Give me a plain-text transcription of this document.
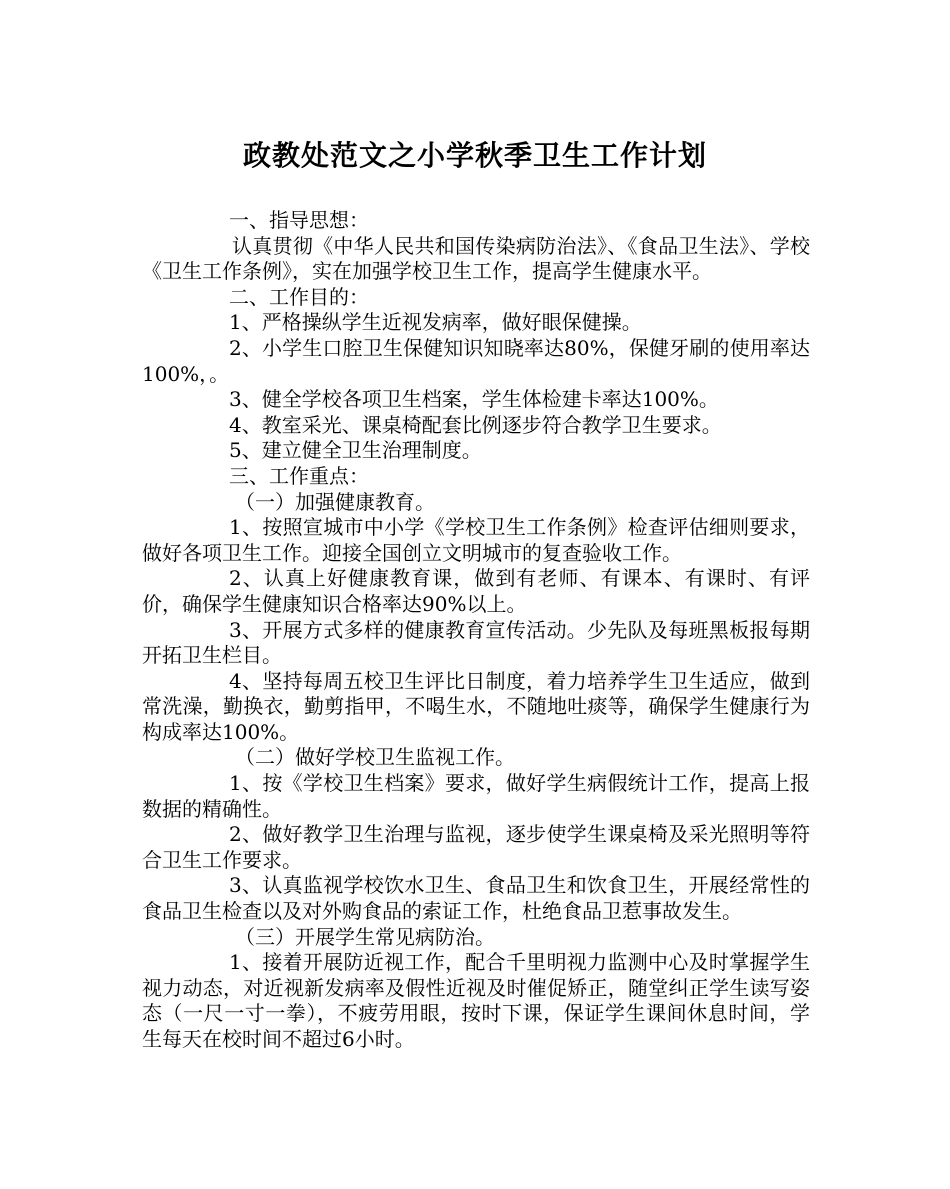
政教处范文之小学秋季卫生工作计划

一、指导思想：

认真贯彻《中华人民共和国传染病防治法》、《食品卫生法》、学校《卫生工作条例》，实在加强学校卫生工作，提高学生健康水平。

二、工作目的：

1、严格操纵学生近视发病率，做好眼保健操。

2、小学生口腔卫生保健知识知晓率达80%，保健牙刷的使用率达100%，。

3、健全学校各项卫生档案，学生体检建卡率达100%。

4、教室采光、课桌椅配套比例逐步符合教学卫生要求。

5、建立健全卫生治理制度。

三、工作重点：

（一）加强健康教育。

1、按照宣城市中小学《学校卫生工作条例》检查评估细则要求，做好各项卫生工作。迎接全国创立文明城市的复查验收工作。

2、认真上好健康教育课，做到有老师、有课本、有课时、有评价，确保学生健康知识合格率达90%以上。

3、开展方式多样的健康教育宣传活动。少先队及每班黑板报每期开拓卫生栏目。

4、坚持每周五校卫生评比日制度，着力培养学生卫生适应，做到常洗澡，勤换衣，勤剪指甲，不喝生水，不随地吐痰等，确保学生健康行为构成率达100%。

（二）做好学校卫生监视工作。

1、按《学校卫生档案》要求，做好学生病假统计工作，提高上报数据的精确性。

2、做好教学卫生治理与监视，逐步使学生课桌椅及采光照明等符合卫生工作要求。

3、认真监视学校饮水卫生、食品卫生和饮食卫生，开展经常性的食品卫生检查以及对外购食品的索证工作，杜绝食品卫惹事故发生。

（三）开展学生常见病防治。

1、接着开展防近视工作，配合千里明视力监测中心及时掌握学生视力动态，对近视新发病率及假性近视及时催促矫正，随堂纠正学生读写姿态（一尺一寸一拳），不疲劳用眼，按时下课，保证学生课间休息时间，学生每天在校时间不超过6小时。
